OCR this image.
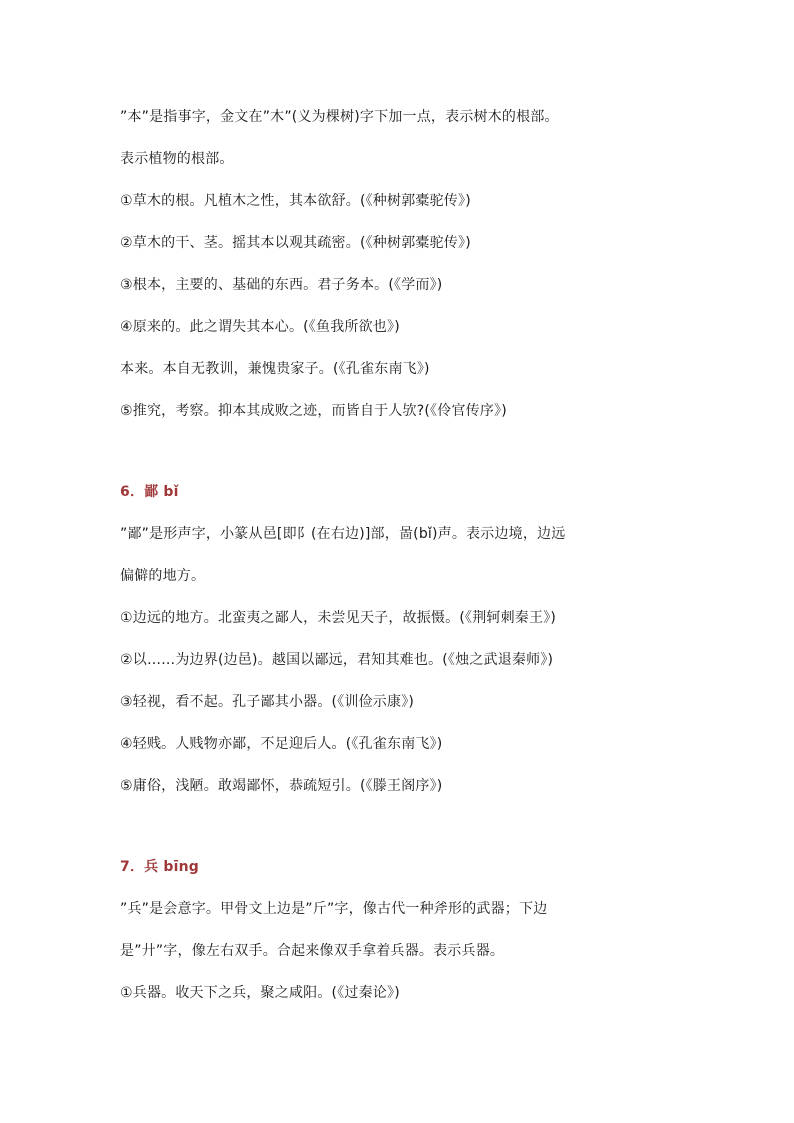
”本”是指事字，金文在”木”(义为棵树)字下加一点，表示树木的根部。
表示植物的根部。
①草木的根。凡植木之性，其本欲舒。(《种树郭橐驼传》)
②草木的干、茎。摇其本以观其疏密。(《种树郭橐驼传》)
③根本，主要的、基础的东西。君子务本。(《学而》)
④原来的。此之谓失其本心。(《鱼我所欲也》)
本来。本自无教训，兼愧贵家子。(《孔雀东南飞》)
⑤推究，考察。抑本其成败之迹，而皆自于人欤?(《伶官传序》)
6．鄙 bǐ
”鄙”是形声字，小篆从邑[即阝(在右边)]部，啚(bǐ)声。表示边境，边远
偏僻的地方。
①边远的地方。北蛮夷之鄙人，未尝见天子，故振慑。(《荆轲刺秦王》)
②以……为边界(边邑)。越国以鄙远，君知其难也。(《烛之武退秦师》)
③轻视，看不起。孔子鄙其小器。(《训俭示康》)
④轻贱。人贱物亦鄙，不足迎后人。(《孔雀东南飞》)
⑤庸俗，浅陋。敢竭鄙怀，恭疏短引。(《滕王阁序》)
7．兵 bīng
”兵”是会意字。甲骨文上边是”斤”字，像古代一种斧形的武器；下边
是”廾”字，像左右双手。合起来像双手拿着兵器。表示兵器。
①兵器。收天下之兵，聚之咸阳。(《过秦论》)
